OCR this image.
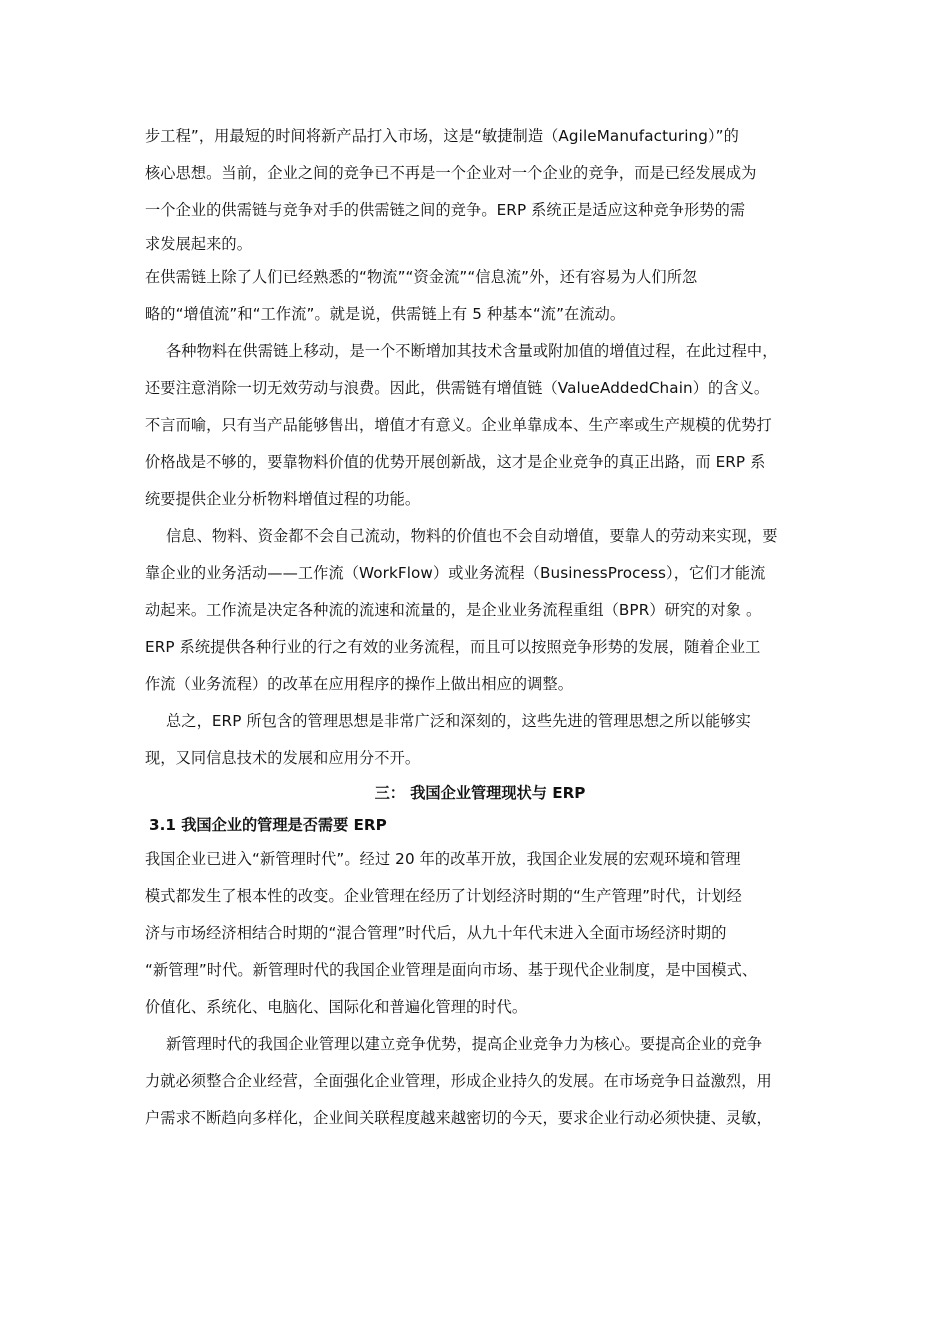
步工程”，用最短的时间将新产品打入市场，这是“敏捷制造（AgileManufacturing）”的
核心思想。当前，企业之间的竞争已不再是一个企业对一个企业的竞争，而是已经发展成为
一个企业的供需链与竞争对手的供需链之间的竞争。ERP 系统正是适应这种竞争形势的需
求发展起来的。
在供需链上除了人们已经熟悉的“物流”“资金流”“信息流”外，还有容易为人们所忽
略的“增值流”和“工作流”。就是说，供需链上有 5 种基本“流”在流动。
各种物料在供需链上移动，是一个不断增加其技术含量或附加值的增值过程，在此过程中，
还要注意消除一切无效劳动与浪费。因此，供需链有增值链（ValueAddedChain）的含义。
不言而喻，只有当产品能够售出，增值才有意义。企业单靠成本、生产率或生产规模的优势打
价格战是不够的，要靠物料价值的优势开展创新战，这才是企业竞争的真正出路，而 ERP 系
统要提供企业分析物料增值过程的功能。
信息、物料、资金都不会自己流动，物料的价值也不会自动增值，要靠人的劳动来实现，要
靠企业的业务活动——工作流（WorkFlow）或业务流程（BusinessProcess），它们才能流
动起来。工作流是决定各种流的流速和流量的，是企业业务流程重组（BPR）研究的对象 。
ERP 系统提供各种行业的行之有效的业务流程，而且可以按照竞争形势的发展，随着企业工
作流（业务流程）的改革在应用程序的操作上做出相应的调整。
总之，ERP 所包含的管理思想是非常广泛和深刻的，这些先进的管理思想之所以能够实
现，又同信息技术的发展和应用分不开。
三： 我国企业管理现状与 ERP
3.1 我国企业的管理是否需要 ERP
我国企业已进入“新管理时代”。经过 20 年的改革开放，我国企业发展的宏观环境和管理
模式都发生了根本性的改变。企业管理在经历了计划经济时期的“生产管理”时代，计划经
济与市场经济相结合时期的“混合管理”时代后，从九十年代末进入全面市场经济时期的
“新管理”时代。新管理时代的我国企业管理是面向市场、基于现代企业制度，是中国模式、
价值化、系统化、电脑化、国际化和普遍化管理的时代。
新管理时代的我国企业管理以建立竞争优势，提高企业竞争力为核心。要提高企业的竞争
力就必须整合企业经营，全面强化企业管理，形成企业持久的发展。在市场竞争日益激烈，用
户需求不断趋向多样化，企业间关联程度越来越密切的今天，要求企业行动必须快捷、灵敏，
